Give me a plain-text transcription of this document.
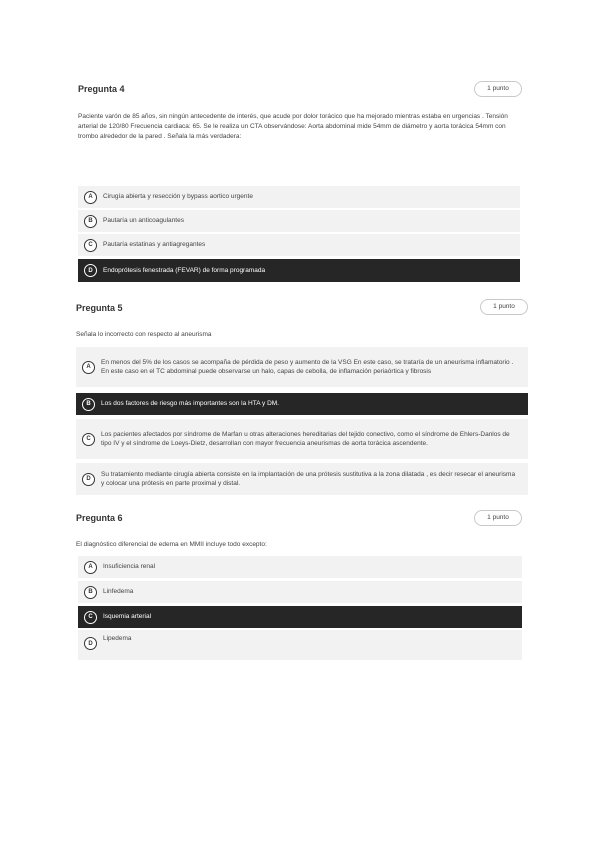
Pregunta 4	1 punto
Paciente varón de 85 años, sin ningún antecedente de interés, que acude por dolor torácico que ha mejorado mientras estaba en urgencias . Tensión arterial de 120/80 Frecuencia cardiaca: 65. Se le realiza un CTA observándose: Aorta abdominal mide 54mm de diámetro y aorta torácica 54mm con trombo alrededor de la pared . Señala la más verdadera:
A	Cirugía abierta y resección y bypass aortico urgente
B	Pautaría un anticoagulantes
C	Pautaría estatinas y antiagregantes
D	Endoprótesis fenestrada (FEVAR) de forma programada
Pregunta 5	1 punto
Señala lo incorrecto con respecto al aneurisma
A
En menos del 5% de los casos se acompaña de pérdida de peso y aumento de la VSG En este caso, se trataría de un aneurisma inflamatorio . En este caso en el TC abdominal puede observarse un halo, capas de cebolla, de inflamación periaórtica y fibrosis
B	Los dos factores de riesgo más importantes son la HTA y DM.
C
Los pacientes afectados por síndrome de Marfan u otras alteraciones hereditarias del tejido conectivo, como el síndrome de Ehlers-Danlos de tipo IV y el síndrome de Loeys-Dietz, desarrollan con mayor frecuencia aneurismas de aorta torácica ascendente.
D
Su tratamiento mediante cirugía abierta consiste en la implantación de una prótesis sustitutiva a la zona dilatada , es decir resecar el aneurisma y colocar una prótesis en parte proximal y distal.
Pregunta 6	1 punto
El diagnóstico diferencial de edema en MMII incluye todo excepto:
A	Insuficiencia renal
B	Linfedema
C	Isquemia arterial
D
Lipedema
